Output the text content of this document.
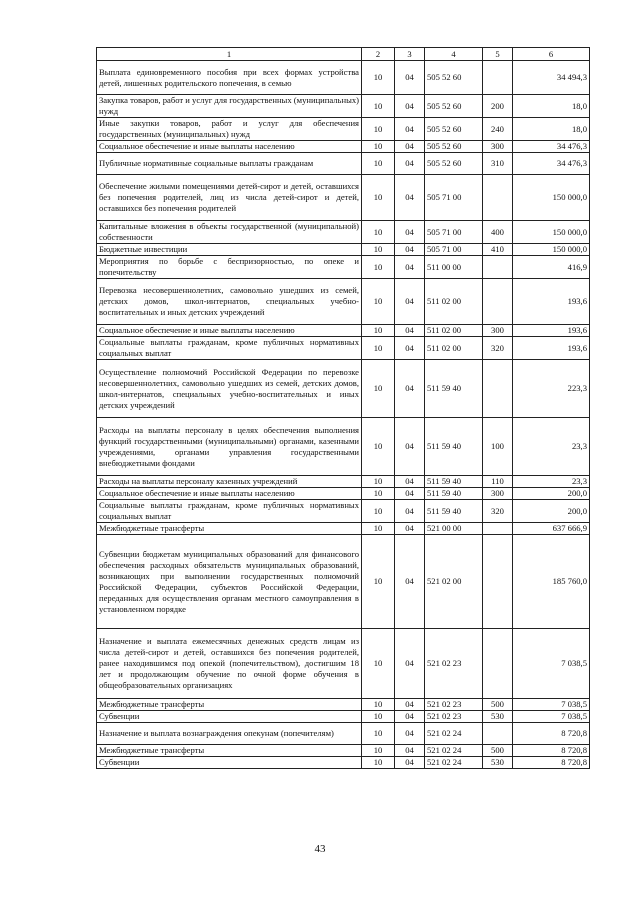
1	2	3	4	5	6
Выплата единовременного пособия при всех формах устройства детей, лишенных родительского попечения, в семью	10	04	505 52 60		34 494,3
Закупка товаров, работ и услуг для государственных (муниципальных) нужд	10	04	505 52 60	200	18,0
Иные закупки товаров, работ и услуг для обеспечения государственных (муниципальных) нужд	10	04	505 52 60	240	18,0
Социальное обеспечение и иные выплаты населению	10	04	505 52 60	300	34 476,3
Публичные нормативные социальные выплаты гражданам	10	04	505 52 60	310	34 476,3
Обеспечение жилыми помещениями детей-сирот и детей, оставшихся без попечения родителей, лиц из числа детей-сирот и детей, оставшихся без попечения родителей	10	04	505 71 00		150 000,0
Капитальные вложения в объекты государственной (муниципальной) собственности	10	04	505 71 00	400	150 000,0
Бюджетные инвестиции	10	04	505 71 00	410	150 000,0
Мероприятия по борьбе с беспризорностью, по опеке и попечительству	10	04	511 00 00		416,9
Перевозка несовершеннолетних, самовольно ушедших из семей, детских домов, школ-интернатов, специальных учебно-воспитательных и иных детских учреждений	10	04	511 02 00		193,6
Социальное обеспечение и иные выплаты населению	10	04	511 02 00	300	193,6
Социальные выплаты гражданам, кроме публичных нормативных социальных выплат	10	04	511 02 00	320	193,6
Осуществление полномочий Российской Федерации по перевозке несовершеннолетних, самовольно ушедших из семей, детских домов, школ-интернатов, специальных учебно-воспитательных и иных детских учреждений	10	04	511 59 40		223,3
Расходы на выплаты персоналу в целях обеспечения выполнения функций государственными (муниципальными) органами, казенными учреждениями, органами управления государственными внебюджетными фондами	10	04	511 59 40	100	23,3
Расходы на выплаты персоналу казенных учреждений	10	04	511 59 40	110	23,3
Социальное обеспечение и иные выплаты населению	10	04	511 59 40	300	200,0
Социальные выплаты гражданам, кроме публичных нормативных социальных выплат	10	04	511 59 40	320	200,0
Межбюджетные трансферты	10	04	521 00 00		637 666,9
Субвенции бюджетам муниципальных образований для финансового обеспечения расходных обязательств муниципальных образований, возникающих при выполнении государственных полномочий Российской Федерации, субъектов Российской Федерации, переданных для осуществления органам местного самоуправления в установленном порядке	10	04	521 02 00		185 760,0
Назначение и выплата ежемесячных денежных средств лицам из числа детей-сирот и детей, оставшихся без попечения родителей, ранее находившимся под опекой (попечительством), достигшим 18 лет и продолжающим обучение по очной форме обучения в общеобразовательных организациях	10	04	521 02 23		7 038,5
Межбюджетные трансферты	10	04	521 02 23	500	7 038,5
Субвенции	10	04	521 02 23	530	7 038,5
Назначение и выплата вознаграждения опекунам (попечителям)	10	04	521 02 24		8 720,8
Межбюджетные трансферты	10	04	521 02 24	500	8 720,8
Субвенции	10	04	521 02 24	530	8 720,8
43
